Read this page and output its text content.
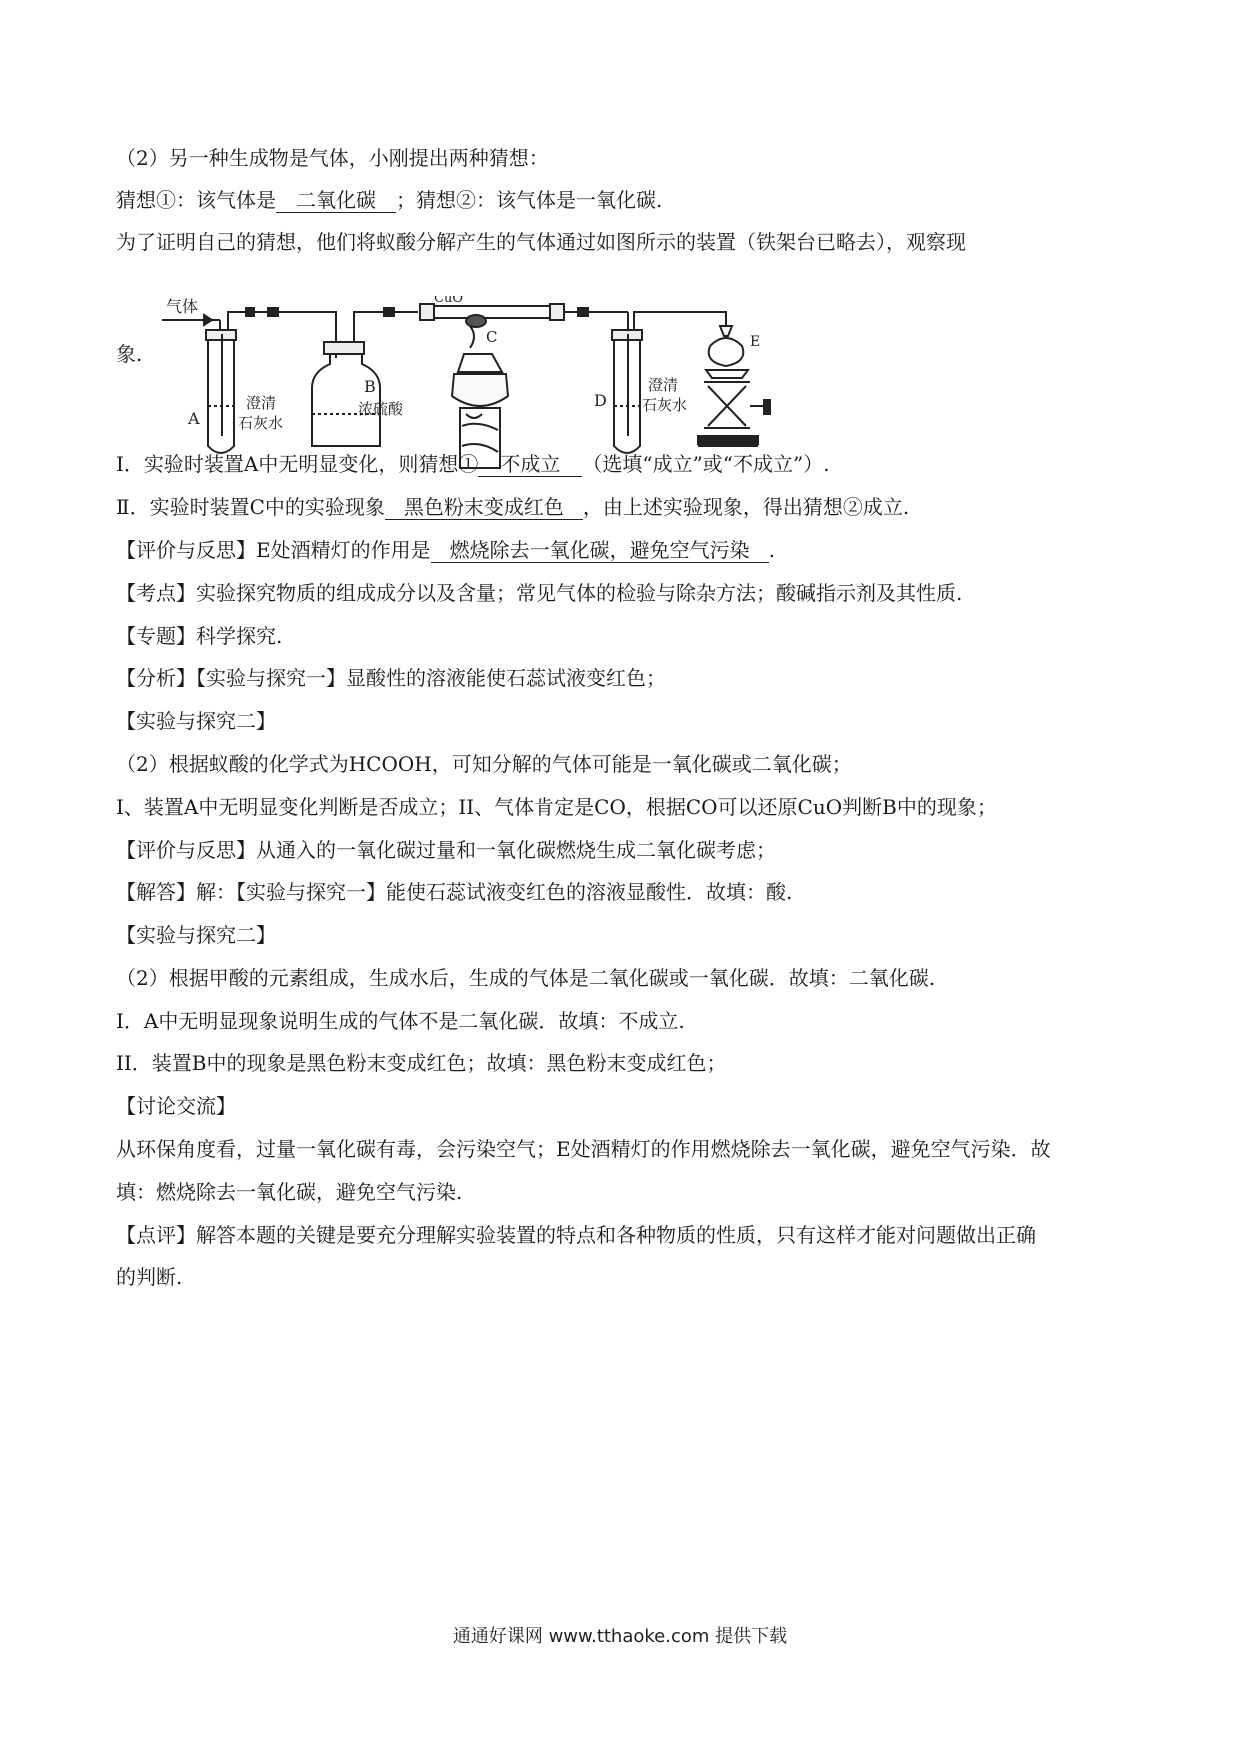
（2）另一种生成物是气体，小刚提出两种猜想：
猜想①：该气体是 二氧化碳 ；猜想②：该气体是一氧化碳.
为了证明自己的猜想，他们将蚁酸分解产生的气体通过如图所示的装置（铁架台已略去），观察现
象.
气体
A
澄清
石灰水
B
浓硫酸
CuO
C
D
澄清
石灰水
E
Ⅰ．实验时装置A中无明显变化，则猜想① 不成立 （选填“成立”或“不成立”）.
Ⅱ．实验时装置C中的实验现象 黑色粉末变成红色 ，由上述实验现象，得出猜想②成立.
【评价与反思】E处酒精灯的作用是 燃烧除去一氧化碳，避免空气污染 .
【考点】实验探究物质的组成成分以及含量；常见气体的检验与除杂方法；酸碱指示剂及其性质.
【专题】科学探究.
【分析】【实验与探究一】显酸性的溶液能使石蕊试液变红色；
【实验与探究二】
（2）根据蚁酸的化学式为HCOOH，可知分解的气体可能是一氧化碳或二氧化碳；
I、装置A中无明显变化判断是否成立；II、气体肯定是CO，根据CO可以还原CuO判断B中的现象；
【评价与反思】从通入的一氧化碳过量和一氧化碳燃烧生成二氧化碳考虑；
【解答】解：【实验与探究一】能使石蕊试液变红色的溶液显酸性．故填：酸.
【实验与探究二】
（2）根据甲酸的元素组成，生成水后，生成的气体是二氧化碳或一氧化碳．故填：二氧化碳.
I．A中无明显现象说明生成的气体不是二氧化碳．故填：不成立.
II．装置B中的现象是黑色粉末变成红色；故填：黑色粉末变成红色；
【讨论交流】
从环保角度看，过量一氧化碳有毒，会污染空气；E处酒精灯的作用燃烧除去一氧化碳，避免空气污染．故
填：燃烧除去一氧化碳，避免空气污染.
【点评】解答本题的关键是要充分理解实验装置的特点和各种物质的性质，只有这样才能对问题做出正确
的判断.
通通好课网 www.tthaoke.com 提供下载
